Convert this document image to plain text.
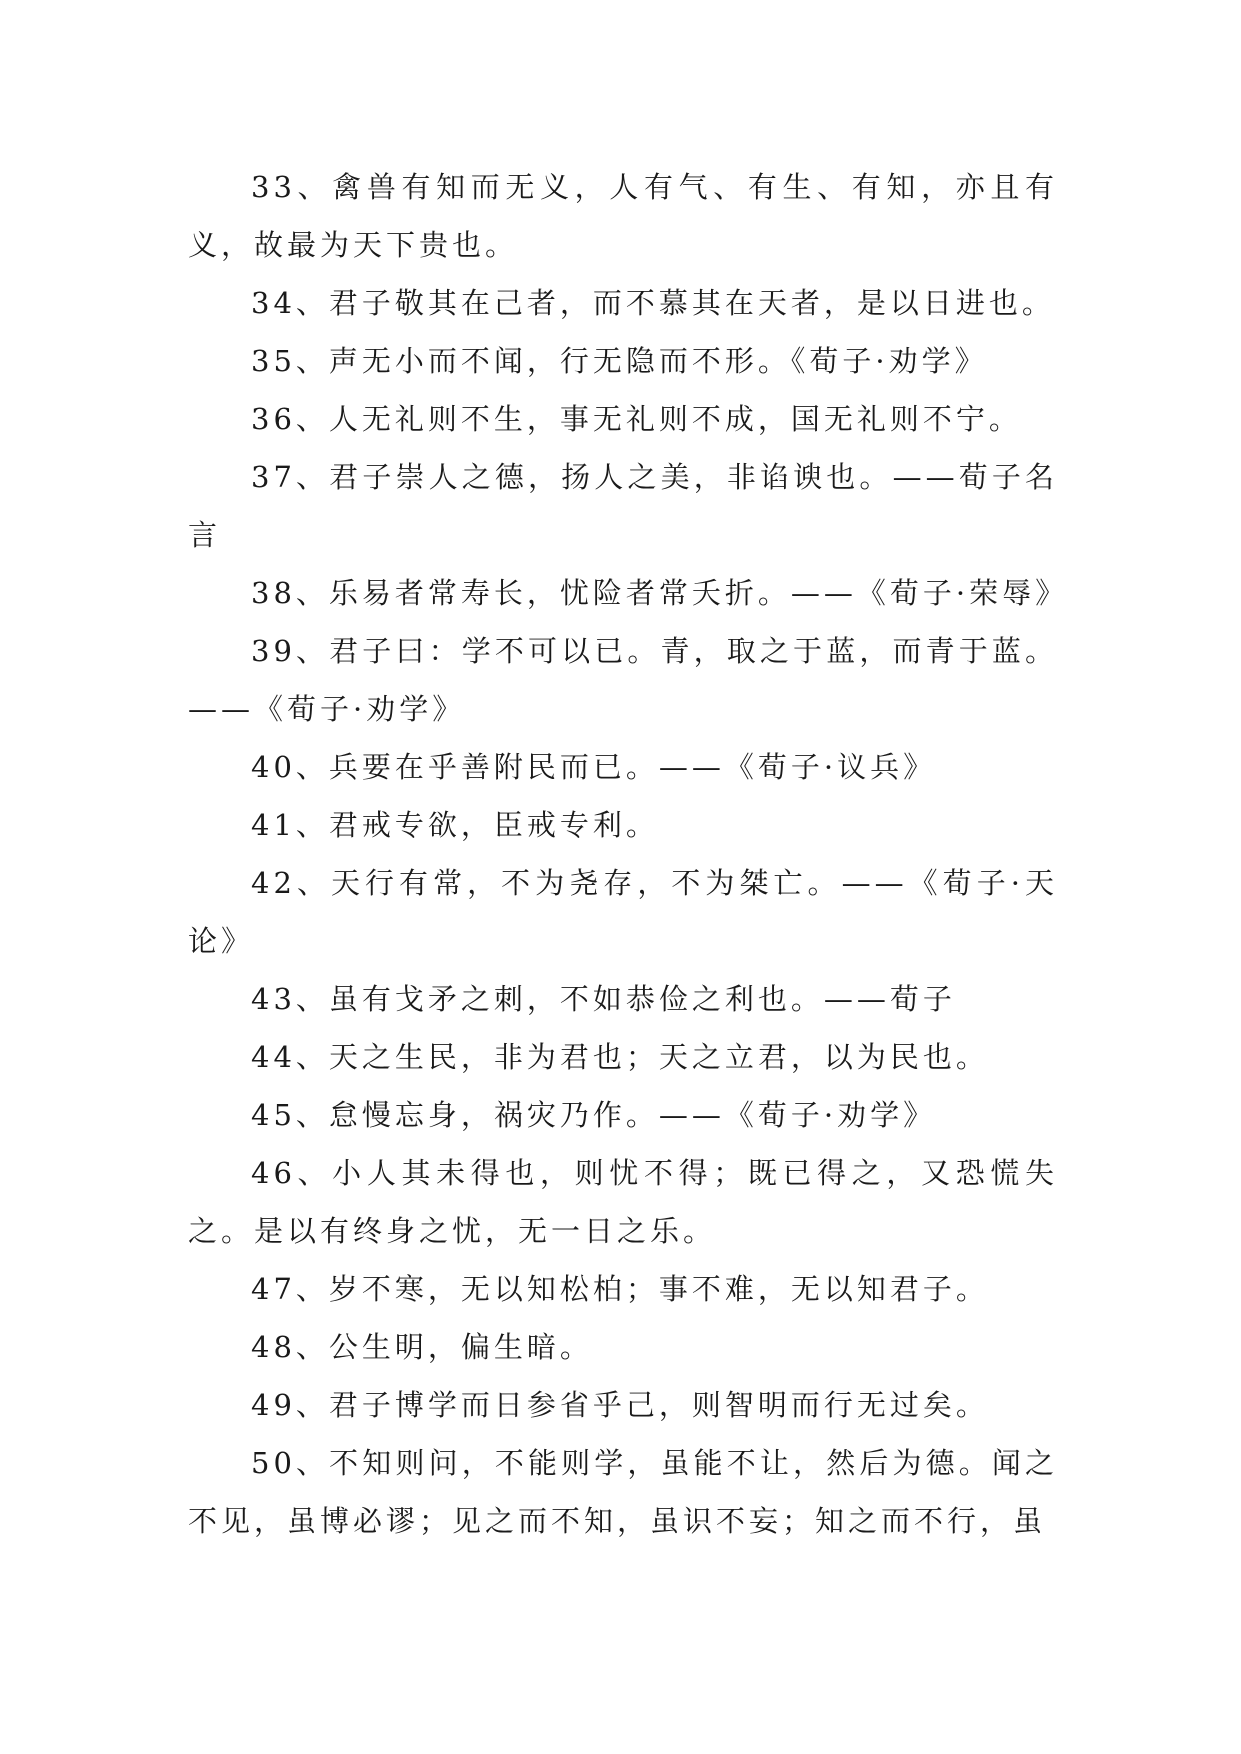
33、禽兽有知而无义，人有气、有生、有知，亦且有义，故最为天下贵也。

34、君子敬其在己者，而不慕其在天者，是以日进也。

35、声无小而不闻，行无隐而不形。《荀子·劝学》

36、人无礼则不生，事无礼则不成，国无礼则不宁。

37、君子崇人之德，扬人之美，非谄谀也。——荀子名言

38、乐易者常寿长，忧险者常夭折。——《荀子·荣辱》

39、君子曰：学不可以已。青，取之于蓝，而青于蓝。——《荀子·劝学》

40、兵要在乎善附民而已。——《荀子·议兵》

41、君戒专欲，臣戒专利。

42、天行有常，不为尧存，不为桀亡。——《荀子·天论》

43、虽有戈矛之刺，不如恭俭之利也。——荀子

44、天之生民，非为君也；天之立君，以为民也。

45、怠慢忘身，祸灾乃作。——《荀子·劝学》

46、小人其未得也，则忧不得；既已得之，又恐慌失之。是以有终身之忧，无一日之乐。

47、岁不寒，无以知松柏；事不难，无以知君子。

48、公生明，偏生暗。

49、君子博学而日参省乎己，则智明而行无过矣。

50、不知则问，不能则学，虽能不让，然后为德。闻之不见，虽博必谬；见之而不知，虽识不妄；知之而不行，虽
